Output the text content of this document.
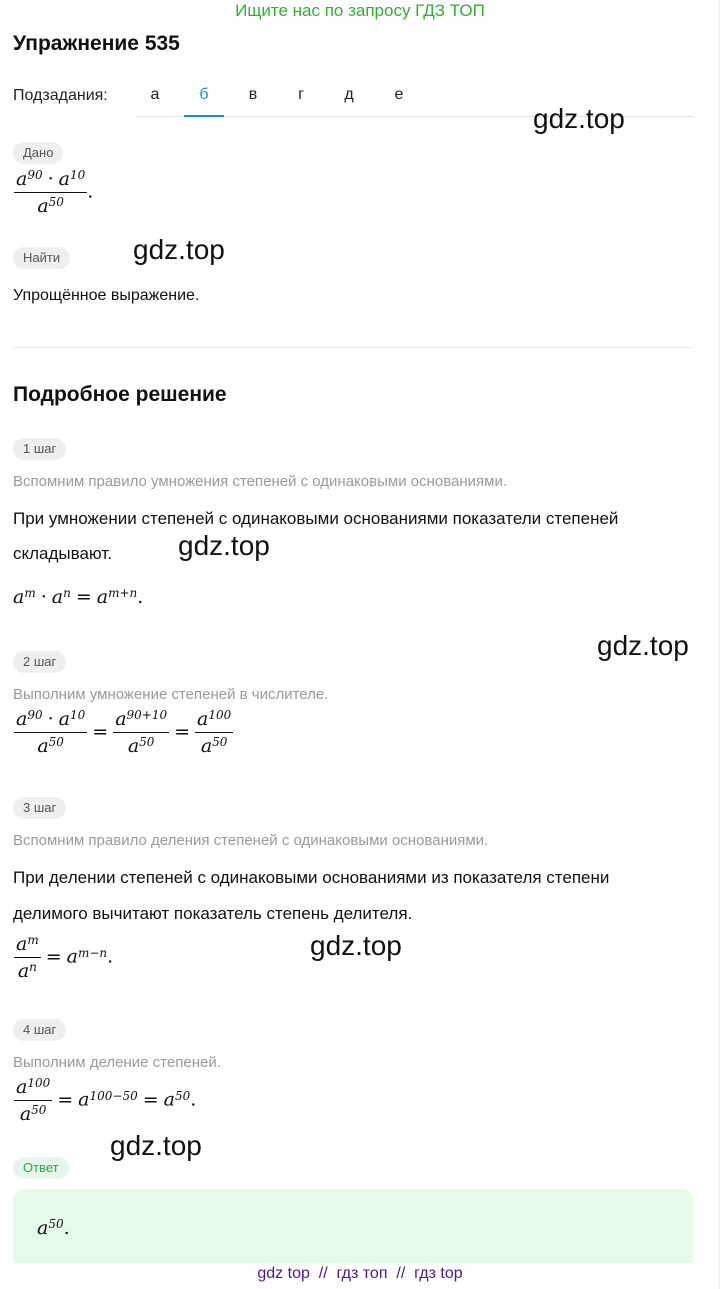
Ищите нас по запросу ГДЗ ТОП
Упражнение 535
Подзадания:	а	б	в	г	д	е
gdz.top
Дано
$\frac{a^{90} \cdot a^{10}}{a^{50}}$ .
Найти	gdz.top
Упрощённое выражение.
Подробное решение
1 шаг
Вспомним правило умножения степеней с одинаковыми основаниями.
При умножении степеней с одинаковыми основаниями показатели степеней
складывают. gdz.top
$a^m \cdot a^n = a^{m+n}$.
gdz.top
2 шаг
Выполним умножение степеней в числителе.
$\frac{a^{90} \cdot a^{10}}{a^{50}} = \frac{a^{90+10}}{a^{50}} = \frac{a^{100}}{a^{50}}$
3 шаг
Вспомним правило деления степеней с одинаковыми основаниями.
При делении степеней с одинаковыми основаниями из показателя степени
делимого вычитают показатель степень делителя.
$\frac{a^m}{a^n} = a^{m-n}$.	gdz.top
4 шаг
Выполним деление степеней.
$\frac{a^{100}}{a^{50}} = a^{100-50} = a^{50}$.
gdz.top
Ответ
$a^{50}$.
gdz top  //  гдз топ  //  гдз top
